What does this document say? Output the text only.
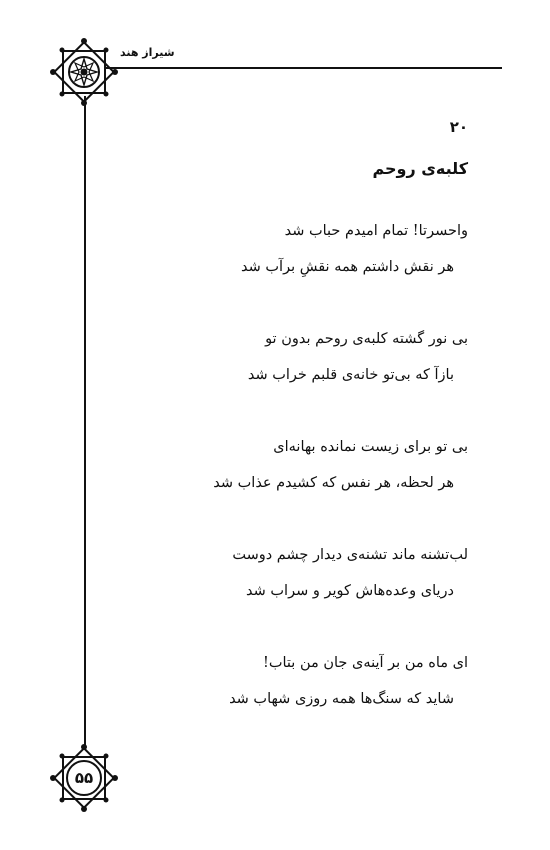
شیراز هند
۲۰
کلبه‌ی روحم
واحسرتا! تمام امیدم حباب شد
هر نقش داشتم همه نقشِ برآب شد
بی نور گشته کلبه‌ی روحم بدون تو
بازآ که بی‌تو خانه‌ی قلبم خراب شد
بی تو برای زیست نمانده بهانه‌ای
هر لحظه، هر نفس که کشیدم عذاب شد
لب‌تشنه ماند تشنه‌ی دیدار چشم دوست
دریای وعده‌هاش کویر و سراب شد
ای ماه من بر آینه‌ی جان من بتاب!
شاید که سنگ‌ها همه روزی شهاب شد
۵۵
